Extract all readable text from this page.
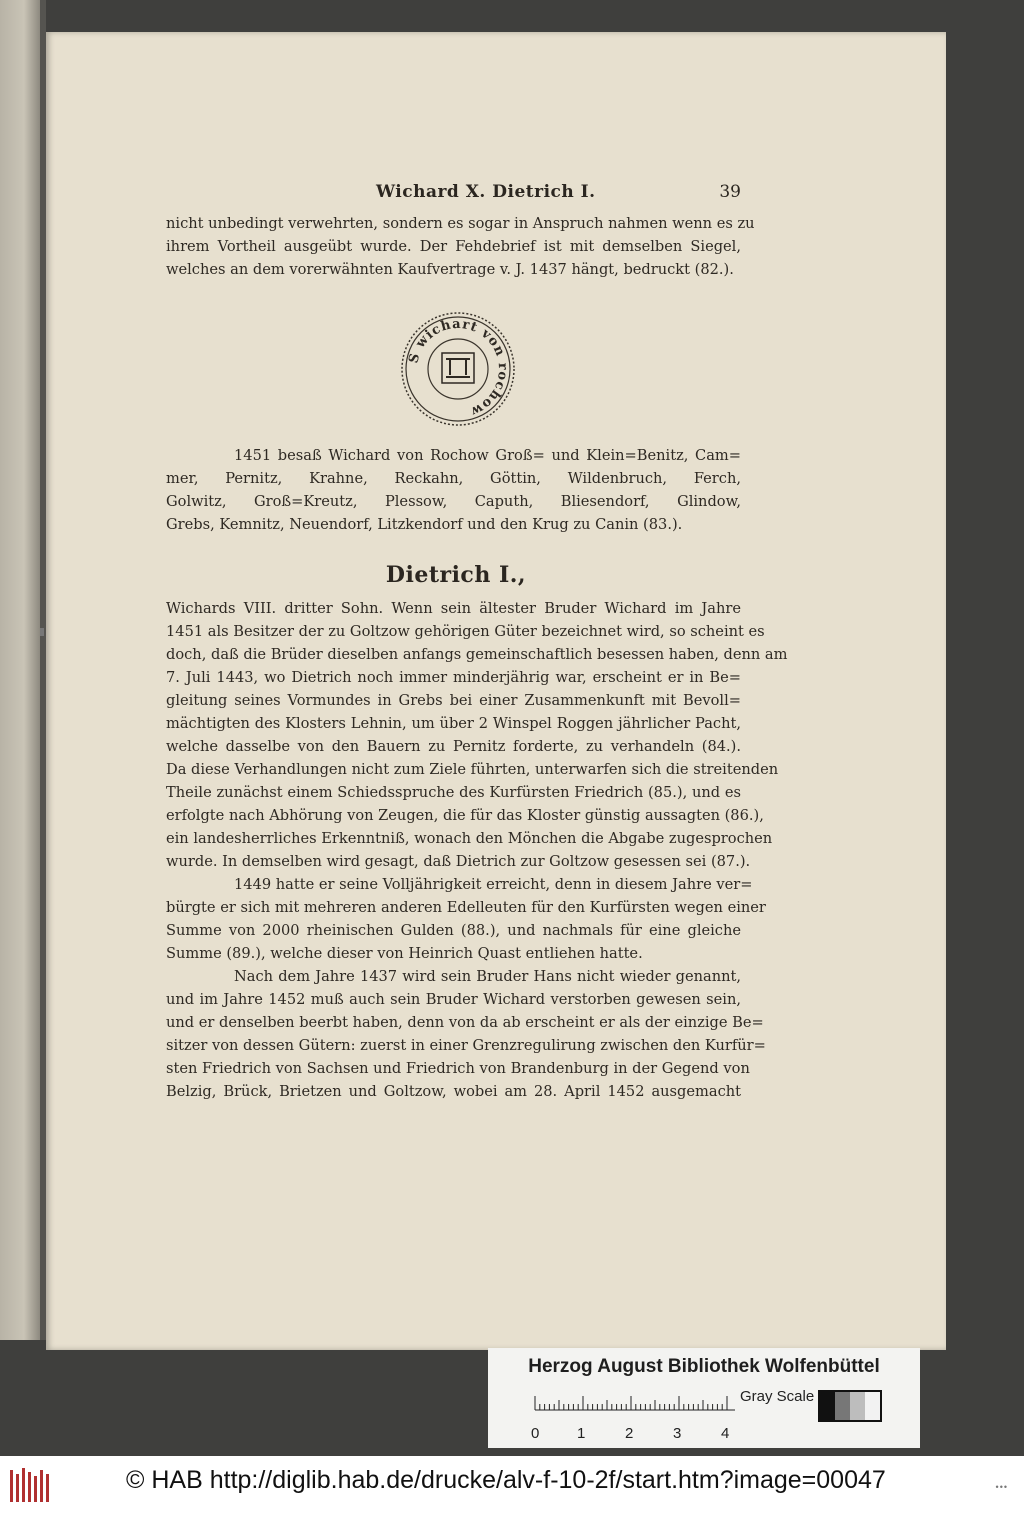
Wichard X. Dietrich I.	39
nicht unbedingt verwehrten, sondern es sogar in Anspruch nahmen wenn es zu
ihrem Vortheil ausgeübt wurde. Der Fehdebrief ist mit demselben Siegel,
welches an dem vorerwähnten Kaufvertrage v. J. 1437 hängt, bedruckt (82.).
S wichart von rochow
1451 besaß Wichard von Rochow Groß= und Klein=Benitz, Cam=
mer, Pernitz, Krahne, Reckahn, Göttin, Wildenbruch, Ferch,
Golwitz, Groß=Kreutz, Plessow, Caputh, Bliesendorf, Glindow,
Grebs, Kemnitz, Neuendorf, Litzkendorf und den Krug zu Canin (83.).
Dietrich I.,
Wichards VIII. dritter Sohn. Wenn sein ältester Bruder Wichard im Jahre
1451 als Besitzer der zu Goltzow gehörigen Güter bezeichnet wird, so scheint es
doch, daß die Brüder dieselben anfangs gemeinschaftlich besessen haben, denn am
7. Juli 1443, wo Dietrich noch immer minderjährig war, erscheint er in Be=
gleitung seines Vormundes in Grebs bei einer Zusammenkunft mit Bevoll=
mächtigten des Klosters Lehnin, um über 2 Winspel Roggen jährlicher Pacht,
welche dasselbe von den Bauern zu Pernitz forderte, zu verhandeln (84.).
Da diese Verhandlungen nicht zum Ziele führten, unterwarfen sich die streitenden
Theile zunächst einem Schiedsspruche des Kurfürsten Friedrich (85.), und es
erfolgte nach Abhörung von Zeugen, die für das Kloster günstig aussagten (86.),
ein landesherrliches Erkenntniß, wonach den Mönchen die Abgabe zugesprochen
wurde. In demselben wird gesagt, daß Dietrich zur Goltzow gesessen sei (87.).
1449 hatte er seine Volljährigkeit erreicht, denn in diesem Jahre ver=
bürgte er sich mit mehreren anderen Edelleuten für den Kurfürsten wegen einer
Summe von 2000 rheinischen Gulden (88.), und nachmals für eine gleiche
Summe (89.), welche dieser von Heinrich Quast entliehen hatte.
Nach dem Jahre 1437 wird sein Bruder Hans nicht wieder genannt,
und im Jahre 1452 muß auch sein Bruder Wichard verstorben gewesen sein,
und er denselben beerbt haben, denn von da ab erscheint er als der einzige Be=
sitzer von dessen Gütern: zuerst in einer Grenzregulirung zwischen den Kurfür=
sten Friedrich von Sachsen und Friedrich von Brandenburg in der Gegend von
Belzig, Brück, Brietzen und Goltzow, wobei am 28. April 1452 ausgemacht
Herzog August Bibliothek Wolfenbüttel
0	1	2	3	4
Gray Scale
© HAB http://diglib.hab.de/drucke/alv-f-10-2f/start.htm?image=00047	•••
